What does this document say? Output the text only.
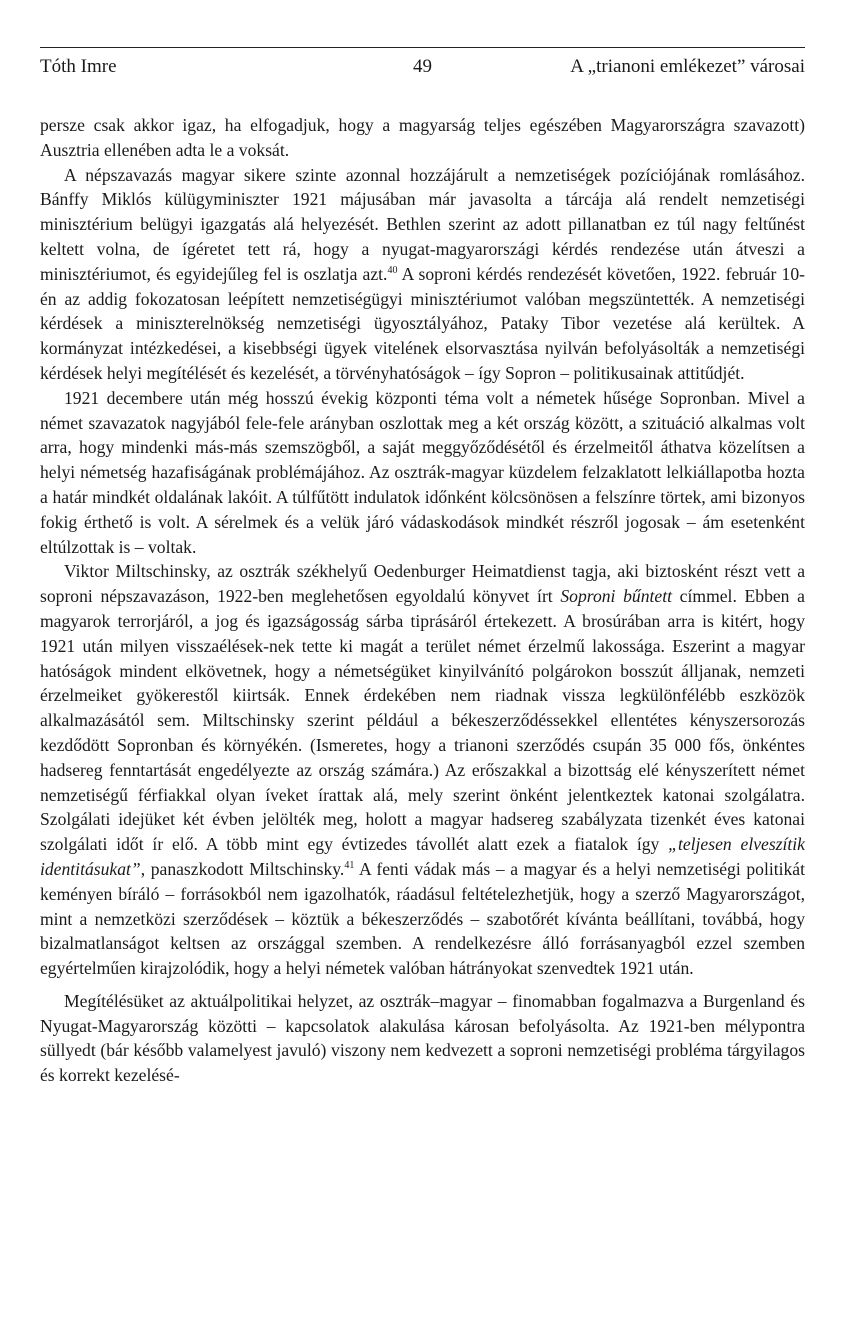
Tóth Imre	49	A „trianoni emlékezet” városai

persze csak akkor igaz, ha elfogadjuk, hogy a magyarság teljes egészében Magyarországra szavazott) Ausztria ellenében adta le a voksát.

A népszavazás magyar sikere szinte azonnal hozzájárult a nemzetiségek pozíciójának romlásához. Bánffy Miklós külügyminiszter 1921 májusában már javasolta a tárcája alá rendelt nemzetiségi minisztérium belügyi igazgatás alá helyezését. Bethlen szerint az adott pillanatban ez túl nagy feltűnést keltett volna, de ígéretet tett rá, hogy a nyugat-magyarországi kérdés rendezése után átveszi a minisztériumot, és egyidejűleg fel is oszlatja azt.$^{40}$ A soproni kérdés rendezését követően, 1922. február 10-én az addig fokozatosan leépített nemzetiségügyi minisztériumot valóban megszüntették. A nemzetiségi kérdések a miniszterelnökség nemzetiségi ügyosztályához, Pataky Tibor vezetése alá kerültek. A kormányzat intézkedései, a kisebbségi ügyek vitelének elsorvasztása nyilván befolyásolták a nemzetiségi kérdések helyi megítélését és kezelését, a törvényhatóságok – így Sopron – politikusainak attitűdjét.

1921 decembere után még hosszú évekig központi téma volt a németek hűsége Sopronban. Mivel a német szavazatok nagyjából fele-fele arányban oszlottak meg a két ország között, a szituáció alkalmas volt arra, hogy mindenki más-más szemszögből, a saját meggyőződésétől és érzelmeitől áthatva közelítsen a helyi németség hazafiságának problémájához. Az osztrák-magyar küzdelem felzaklatott lelkiállapotba hozta a határ mindkét oldalának lakóit. A túlfűtött indulatok időnként kölcsönösen a felszínre törtek, ami bizonyos fokig érthető is volt. A sérelmek és a velük járó vádaskodások mindkét részről jogosak – ám esetenként eltúlzottak is – voltak.

Viktor Miltschinsky, az osztrák székhelyű Oedenburger Heimatdienst tagja, aki biztosként részt vett a soproni népszavazáson, 1922-ben meglehetősen egyoldalú könyvet írt Soproni bűntett címmel. Ebben a magyarok terrorjáról, a jog és igazságosság sárba tiprásáról értekezett. A brosúrában arra is kitért, hogy 1921 után milyen visszaélések-nek tette ki magát a terület német érzelmű lakossága. Eszerint a magyar hatóságok mindent elkövetnek, hogy a németségüket kinyilvánító polgárokon bosszút álljanak, nemzeti érzelmeiket gyökerestől kiirtsák. Ennek érdekében nem riadnak vissza legkülönfélébb eszközök alkalmazásától sem. Miltschinsky szerint például a békeszerződéssekkel ellentétes kényszersorozás kezdődött Sopronban és környékén. (Ismeretes, hogy a trianoni szerződés csupán 35 000 fős, önkéntes hadsereg fenntartását engedélyezte az ország számára.) Az erőszakkal a bizottság elé kényszerített német nemzetiségű férfiakkal olyan íveket írattak alá, mely szerint önként jelentkeztek katonai szolgálatra. Szolgálati idejüket két évben jelölték meg, holott a magyar hadsereg szabályzata tizenkét éves katonai szolgálati időt ír elő. A több mint egy évtizedes távollét alatt ezek a fiatalok így „teljesen elveszítik identitásukat”, panaszkodott Miltschinsky.$^{41}$ A fenti vádak más – a magyar és a helyi nemzetiségi politikát keményen bíráló – forrásokból nem igazolhatók, ráadásul feltételezhetjük, hogy a szerző Magyarországot, mint a nemzetközi szerződések – köztük a békeszerződés – szabotőrét kívánta beállítani, továbbá, hogy bizalmatlanságot keltsen az országgal szemben. A rendelkezésre álló forrásanyagból ezzel szemben egyértelműen kirajzolódik, hogy a helyi németek valóban hátrányokat szenvedtek 1921 után.

Megítélésüket az aktuálpolitikai helyzet, az osztrák–magyar – finomabban fogalmazva a Burgenland és Nyugat-Magyarország közötti – kapcsolatok alakulása károsan befolyásolta. Az 1921-ben mélypontra süllyedt (bár később valamelyest javuló) viszony nem kedvezett a soproni nemzetiségi probléma tárgyilagos és korrekt kezelésé-
